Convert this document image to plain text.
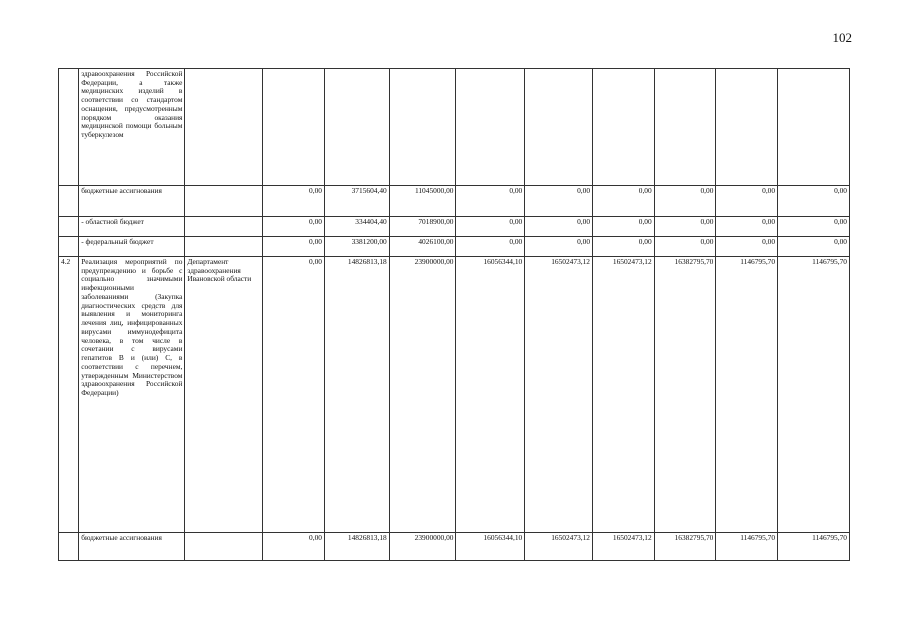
102
	здравоохранения Российской Федерации, а также медицинских изделий в соответствии со стандартом оснащения, предусмотренным порядком оказания медицинской помощи больным туберкулезом										
	бюджетные ассигнования		0,00	3715604,40	11045000,00	0,00	0,00	0,00	0,00	0,00	0,00
	- областной бюджет		0,00	334404,40	7018900,00	0,00	0,00	0,00	0,00	0,00	0,00
	- федеральный бюджет		0,00	3381200,00	4026100,00	0,00	0,00	0,00	0,00	0,00	0,00
4.2	Реализация мероприятий по предупреждению и борьбе с социально значимыми инфекционными заболеваниями (Закупка диагностических средств для выявления и мониторинга лечения лиц, инфицированных вирусами иммунодефицита человека, в том числе в сочетании с вирусами гепатитов В и (или) С, в соответствии с перечнем, утвержденным Министерством здравоохранения Российской Федерации)	Департамент здравоохранения Ивановской области	0,00	14826813,18	23900000,00	16056344,10	16502473,12	16502473,12	16382795,70	1146795,70	1146795,70
	бюджетные ассигнования		0,00	14826813,18	23900000,00	16056344,10	16502473,12	16502473,12	16382795,70	1146795,70	1146795,70
